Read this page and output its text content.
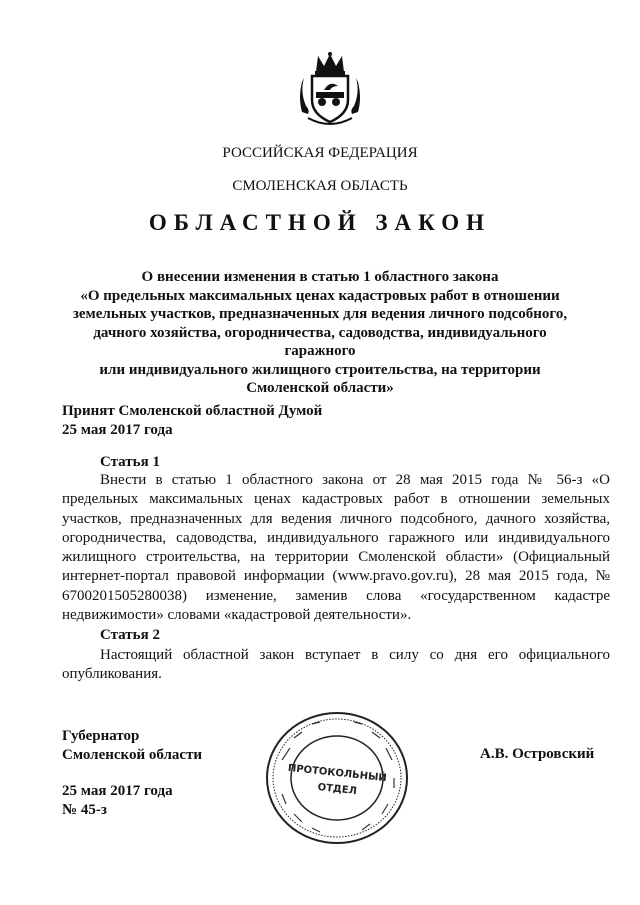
РОССИЙСКАЯ ФЕДЕРАЦИЯ
СМОЛЕНСКАЯ ОБЛАСТЬ
ОБЛАСТНОЙ ЗАКОН
О внесении изменения в статью 1 областного закона
«О предельных максимальных ценах кадастровых работ в отношении
земельных участков, предназначенных для ведения личного подсобного,
дачного хозяйства, огородничества, садоводства, индивидуального гаражного
или индивидуального жилищного строительства, на территории
Смоленской области»
Принят Смоленской областной Думой
25 мая 2017 года
Статья 1

Внести в статью 1 областного закона от 28 мая 2015 года № 56-з «О предельных максимальных ценах кадастровых работ в отношении земельных участков, предназначенных для ведения личного подсобного, дачного хозяйства, огородничества, садоводства, индивидуального гаражного или индивидуального жилищного строительства, на территории Смоленской области» (Официальный интернет-портал правовой информации (www.pravo.gov.ru), 28 мая 2015 года, № 6700201505280038) изменение, заменив слова «государственном кадастре недвижимости» словами «кадастровой деятельности».

Статья 2

Настоящий областной закон вступает в силу со дня его официального опубликования.

Губернатор
Смоленской области	А.В. Островский
25 мая 2017 года
№ 45-з
ПРОТОКОЛЬНЫЙ
ОТДЕЛ
